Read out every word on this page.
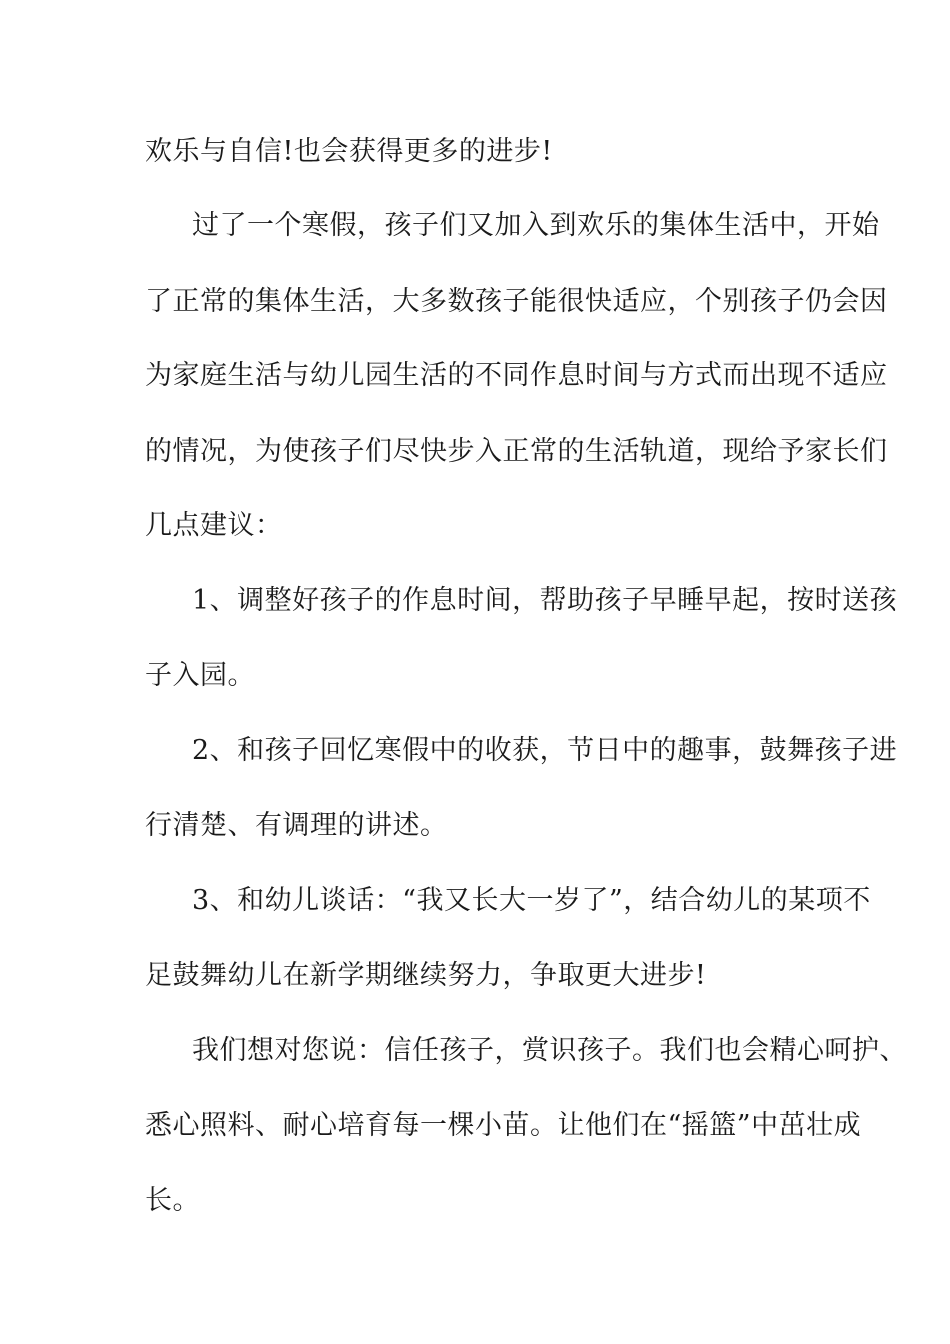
欢乐与自信!也会获得更多的进步!
过了一个寒假，孩子们又加入到欢乐的集体生活中，开始
了正常的集体生活，大多数孩子能很快适应，个别孩子仍会因
为家庭生活与幼儿园生活的不同作息时间与方式而出现不适应
的情况，为使孩子们尽快步入正常的生活轨道，现给予家长们
几点建议：
1、调整好孩子的作息时间，帮助孩子早睡早起，按时送孩
子入园。
2、和孩子回忆寒假中的收获，节日中的趣事，鼓舞孩子进
行清楚、有调理的讲述。
3、和幼儿谈话：“我又长大一岁了”，结合幼儿的某项不
足鼓舞幼儿在新学期继续努力，争取更大进步!
我们想对您说：信任孩子，赏识孩子。我们也会精心呵护、
悉心照料、耐心培育每一棵小苗。让他们在“摇篮”中茁壮成
长。
